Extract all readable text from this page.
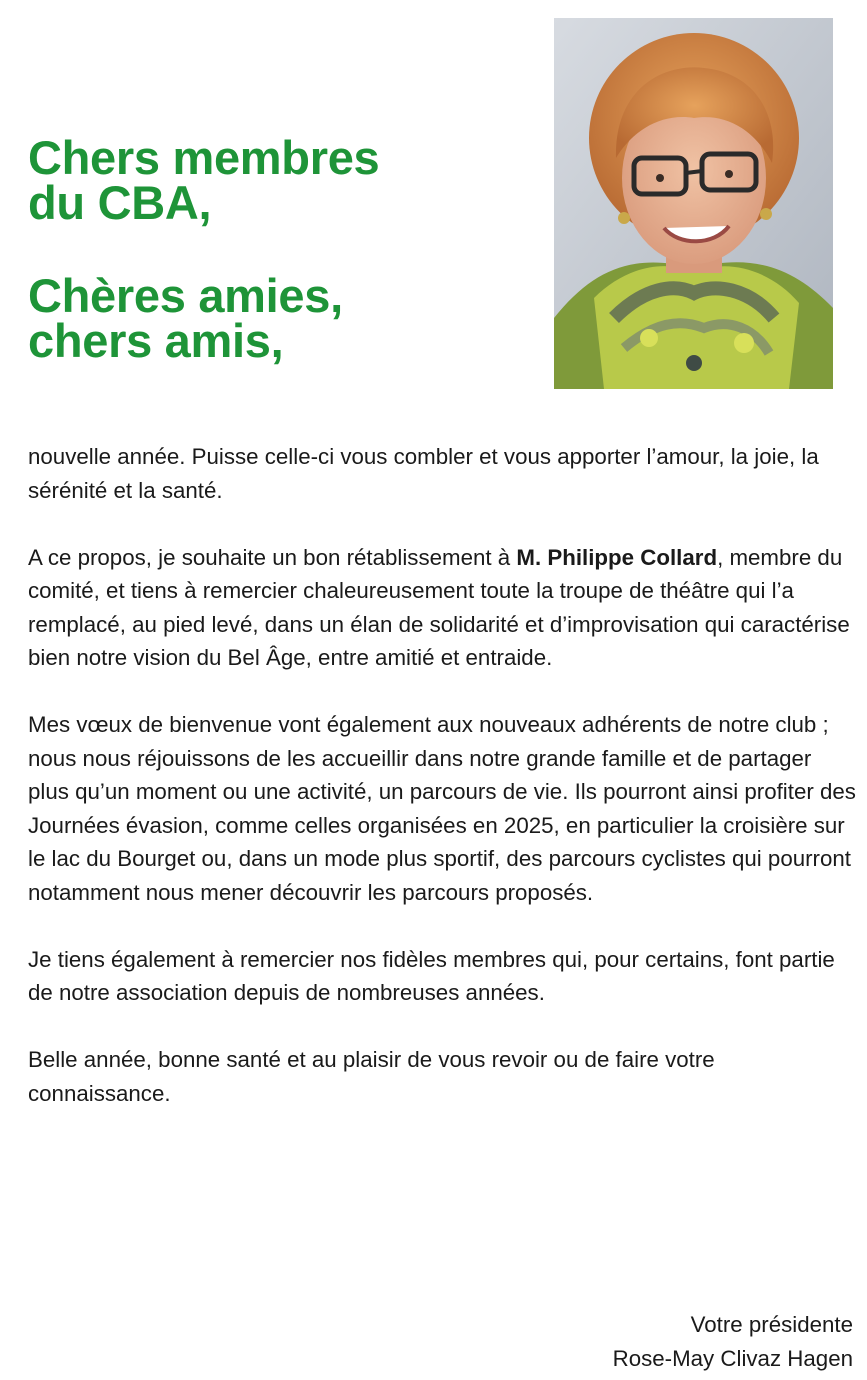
Chers membres
du CBA,
Chères amies,
chers amis,

nouvelle année. Puisse celle-ci vous combler et vous apporter l’amour, la joie, la sérénité et la santé.

A ce propos, je souhaite un bon rétablissement à M. Philippe Collard, membre du comité, et tiens à remercier chaleureusement toute la troupe de théâtre qui l’a remplacé, au pied levé, dans un élan de solidarité et d’improvisation qui caractérise bien notre vision du Bel Âge, entre amitié et entraide.

Mes vœux de bienvenue vont également aux nouveaux adhérents de notre club ; nous nous réjouissons de les accueillir dans notre grande famille et de partager plus qu’un moment ou une activité, un parcours de vie. Ils pourront ainsi profiter des Journées évasion, comme celles organisées en 2025, en particulier la croisière sur le lac du Bourget ou, dans un mode plus sportif, des parcours cyclistes qui pourront notamment nous mener découvrir les parcours proposés.

Je tiens également à remercier nos fidèles membres qui, pour certains, font partie de notre association depuis de nombreuses années.

Belle année, bonne santé et au plaisir de vous revoir ou de faire votre connaissance.

Votre présidente
Rose-May Clivaz Hagen
